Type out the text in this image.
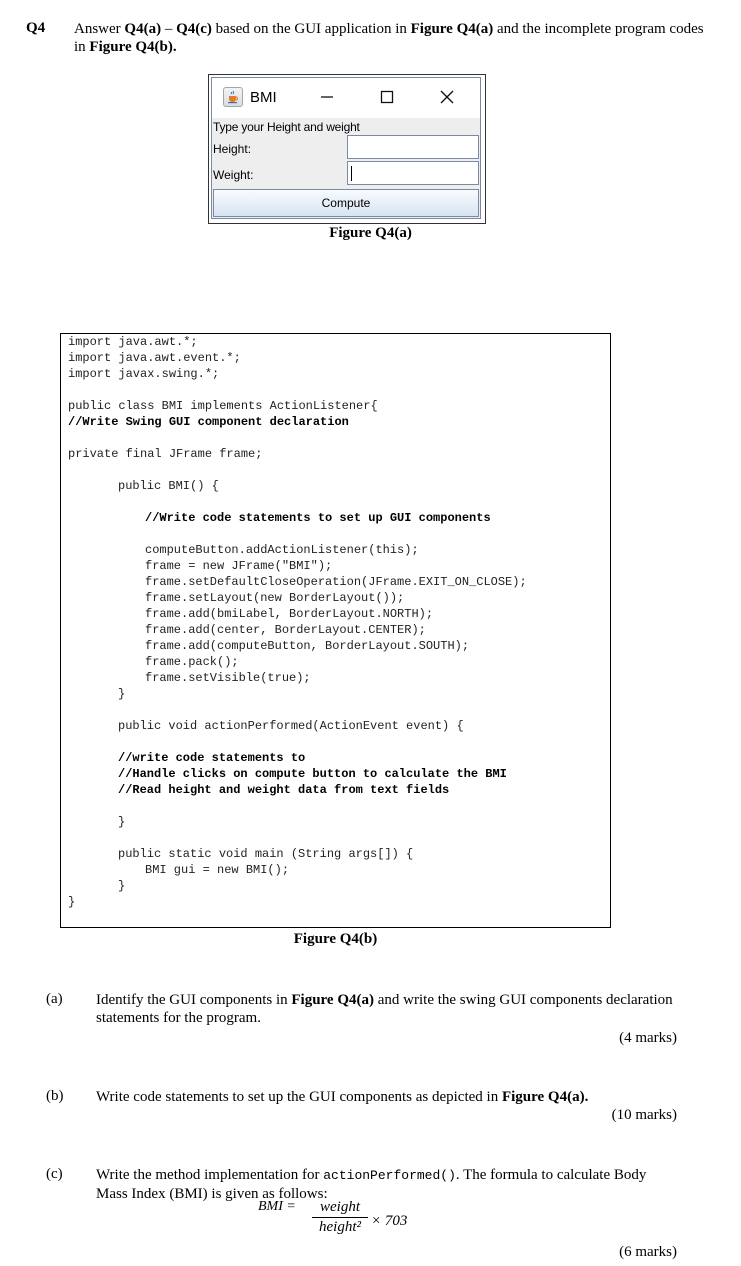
Q4 Answer Q4(a) – Q4(c) based on the GUI application in Figure Q4(a) and the incomplete program codes in Figure Q4(b).
BMI
Type your Height and weight
Height:
Weight:
Compute
Figure Q4(a)
import java.awt.*;
import java.awt.event.*;
import javax.swing.*;
public class BMI implements ActionListener{
//Write Swing GUI component declaration
private final JFrame frame;
public BMI() {
//Write code statements to set up GUI components
computeButton.addActionListener(this);
frame = new JFrame("BMI");
frame.setDefaultCloseOperation(JFrame.EXIT_ON_CLOSE);
frame.setLayout(new BorderLayout());
frame.add(bmiLabel, BorderLayout.NORTH);
frame.add(center, BorderLayout.CENTER);
frame.add(computeButton, BorderLayout.SOUTH);
frame.pack();
frame.setVisible(true);
}
public void actionPerformed(ActionEvent event) {
//write code statements to
//Handle clicks on compute button to calculate the BMI
//Read height and weight data from text fields
}
public static void main (String args[]) {
BMI gui = new BMI();
}
}
Figure Q4(b)
(a) Identify the GUI components in Figure Q4(a) and write the swing GUI components declaration statements for the program.
(4 marks)
(b) Write code statements to set up the GUI components as depicted in Figure Q4(a).
(10 marks)
(c) Write the method implementation for actionPerformed(). The formula to calculate Body Mass Index (BMI) is given as follows:
BMI =	weight
height² × 703
(6 marks)
